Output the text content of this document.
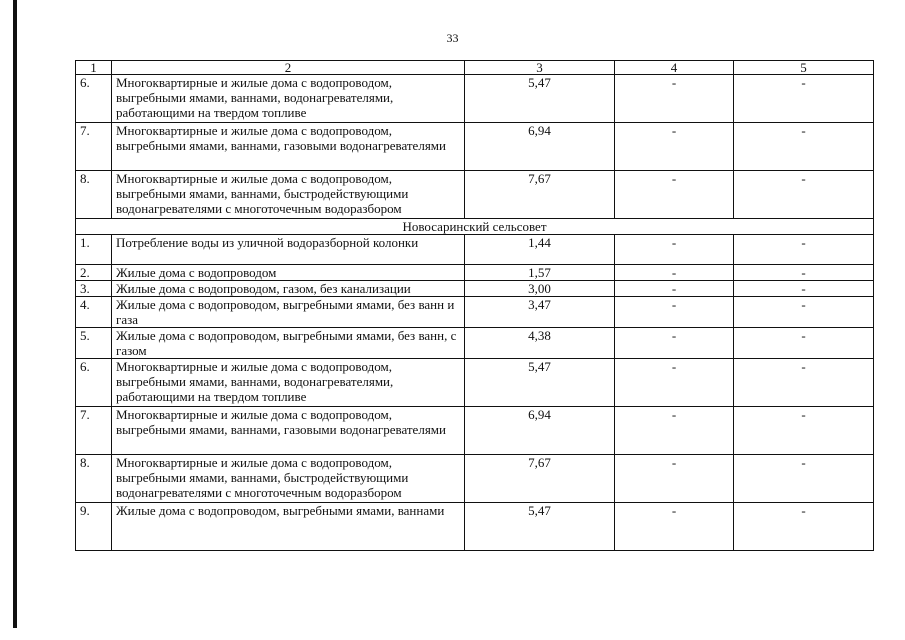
33
1	2	3	4	5
6.	Многоквартирные и жилые дома с водопроводом, выгребными ямами, ваннами, водонагревателями, работающими на твердом топливе	5,47	-	-
7.	Многоквартирные и жилые дома с водопроводом, выгребными ямами, ваннами, газовыми водонагревателями	6,94	-	-
8.	Многоквартирные и жилые дома с водопроводом, выгребными ямами, ваннами, быстродействующими водонагревателями с многоточечным водоразбором	7,67	-	-
Новосаринский сельсовет				
1.	Потребление воды из уличной водоразборной колонки	1,44	-	-
2.	Жилые дома с водопроводом	1,57	-	-
3.	Жилые дома с водопроводом, газом, без канализации	3,00	-	-
4.	Жилые дома с водопроводом, выгребными ямами, без ванн и газа	3,47	-	-
5.	Жилые дома с водопроводом, выгребными ямами, без ванн, с газом	4,38	-	-
6.	Многоквартирные и жилые дома с водопроводом, выгребными ямами, ваннами, водонагревателями, работающими на твердом топливе	5,47	-	-
7.	Многоквартирные и жилые дома с водопроводом, выгребными ямами, ваннами, газовыми водонагревателями	6,94	-	-
8.	Многоквартирные и жилые дома с водопроводом, выгребными ямами, ваннами, быстродействующими водонагревателями с многоточечным водоразбором	7,67	-	-
9.	Жилые дома с водопроводом, выгребными ямами, ваннами	5,47	-	-
